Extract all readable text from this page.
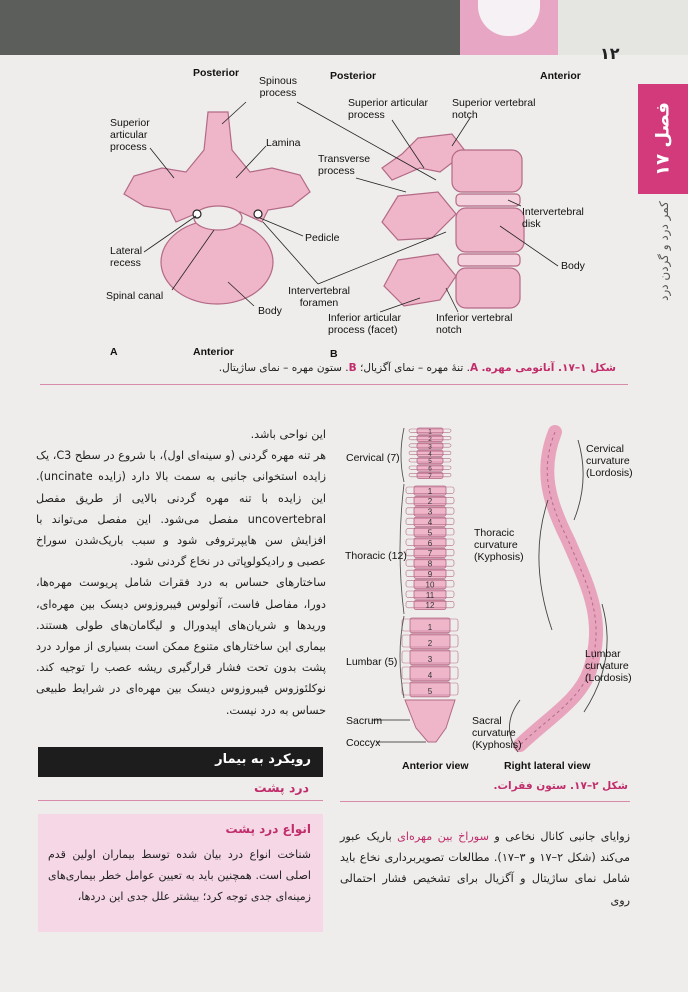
۱۲
فصل ۱۷
کمر درد و گردن درد
Posterior
Spinous process
Superior articular process	Lamina
Lateral recess
Spinal canal
Body
Pedicle
A	Anterior
Posterior	Anterior
Superior articular process
Superior vertebral notch
Transverse process
Intervertebral disk
Body
Intervertebral foramen
Inferior articular process (facet)
Inferior vertebral notch
B
شکل ۱–۱۷. آناتومی مهره. A. تنهٔ مهره – نمای آگزیال؛ B. ستون مهره – نمای ساژیتال.
1
2
3
4
5
6
7
1
2
3
4
5
6
7
8
9
10
11
12
1
2
3
4
5
Cervical (7)
Thoracic (12)
Lumbar (5)
Sacrum
Coccyx
Anterior view	Right lateral view
Cervical curvature (Lordosis)
Thoracic curvature (Kyphosis)
Lumbar curvature (Lordosis)
Sacral curvature (Kyphosis)
شکل ۲–۱۷. ستون فقرات.

این نواحی باشد.

هر تنه مهره گردنی (و سینه‌ای اول)، با شروع در سطح C3، یک زایده استخوانی جانبی به سمت بالا دارد (زایده uncinate). این زایده با تنه مهره گردنی بالایی از طریق مفصل uncovertebral مفصل می‌شود. این مفصل می‌تواند با افزایش سن هایپرتروفی شود و سبب باریک‌شدن سوراخ عصبی و رادیکولوپاتی در نخاع گردنی شود.

ساختارهای حساس به درد فقرات شامل پریوست مهره‌ها، دورا، مفاصل فاست، آنولوس فیبروزوس دیسک بین مهره‌ای، وریدها و شریان‌های اپیدورال و لیگامان‌های طولی هستند. بیماری این ساختارهای متنوع ممکن است بسیاری از موارد درد پشت بدون تحت فشار قرارگیری ریشه عصب را توجیه کند. نوکلئوزوس فیبروزوس دیسک بین مهره‌ای در شرایط طبیعی حساس به درد نیست.

رویکرد به بیمار
درد پشت
انواع درد پشت
شناخت انواع درد بیان شده توسط بیماران اولین قدم اصلی است. همچنین باید به تعیین عوامل خطر بیماری‌های زمینه‌ای جدی توجه کرد؛ بیشتر علل جدی این دردها،
زوایای جانبی کانال نخاعی و سوراخ بین مهره‌ای باریک عبور می‌کند (شکل ۲–۱۷ و ۳–۱۷). مطالعات تصویربرداری نخاع باید شامل نمای ساژیتال و آگزیال برای تشخیص فشار احتمالی روی
